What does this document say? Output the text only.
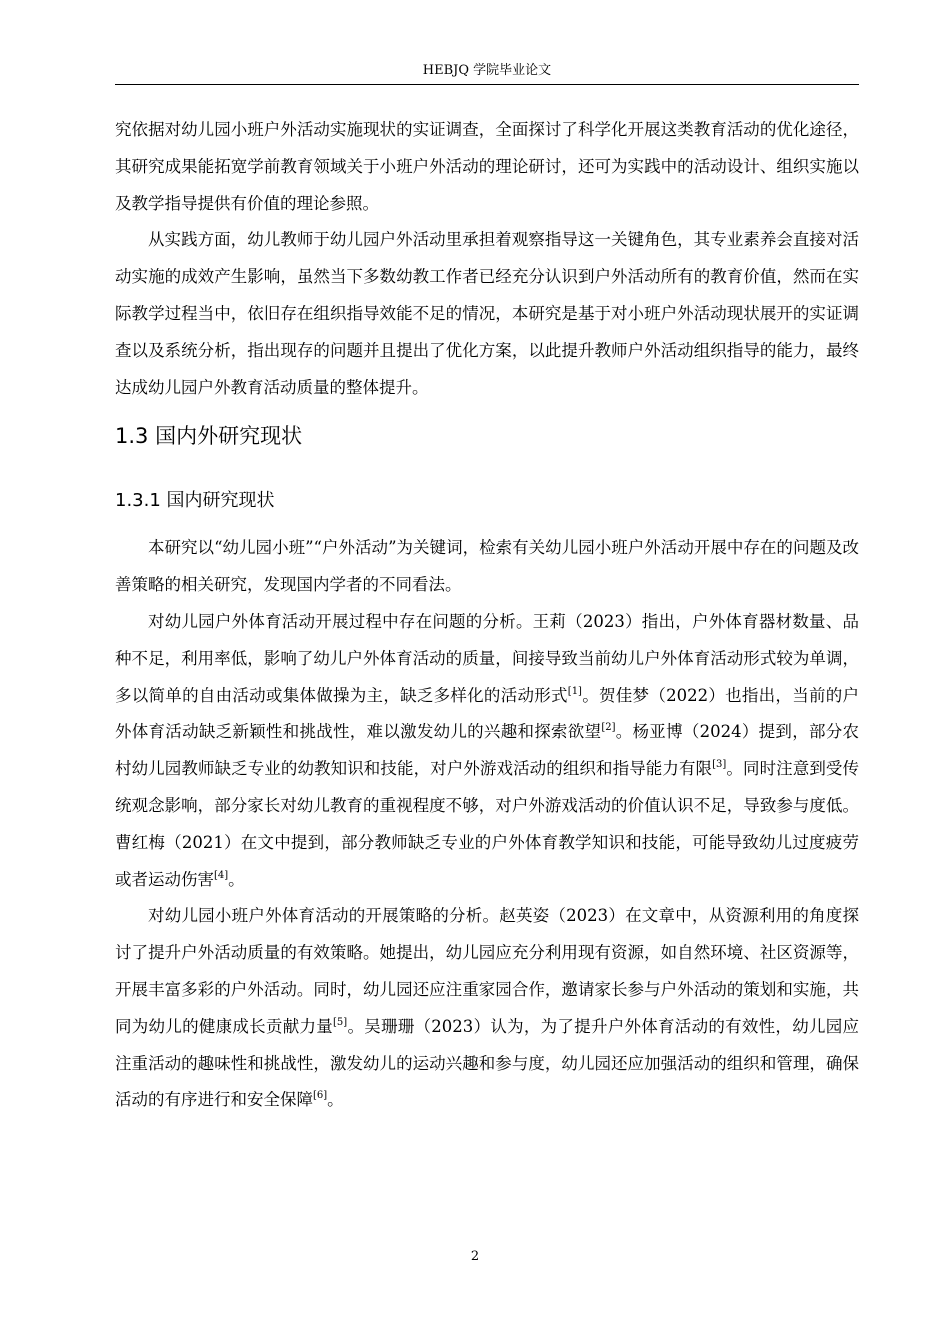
HEBJQ 学院毕业论文

究依据对幼儿园小班户外活动实施现状的实证调查，全面探讨了科学化开展这类教育活动的优化途径，其研究成果能拓宽学前教育领域关于小班户外活动的理论研讨，还可为实践中的活动设计、组织实施以及教学指导提供有价值的理论参照。

从实践方面，幼儿教师于幼儿园户外活动里承担着观察指导这一关键角色，其专业素养会直接对活动实施的成效产生影响，虽然当下多数幼教工作者已经充分认识到户外活动所有的教育价值，然而在实际教学过程当中，依旧存在组织指导效能不足的情况，本研究是基于对小班户外活动现状展开的实证调查以及系统分析，指出现存的问题并且提出了优化方案，以此提升教师户外活动组织指导的能力，最终达成幼儿园户外教育活动质量的整体提升。

1.3 国内外研究现状
1.3.1 国内研究现状

本研究以“幼儿园小班”“户外活动”为关键词，检索有关幼儿园小班户外活动开展中存在的问题及改善策略的相关研究，发现国内学者的不同看法。

对幼儿园户外体育活动开展过程中存在问题的分析。王莉（2023）指出，户外体育器材数量、品种不足，利用率低，影响了幼儿户外体育活动的质量，间接导致当前幼儿户外体育活动形式较为单调，多以简单的自由活动或集体做操为主，缺乏多样化的活动形式[1]。贺佳梦（2022）也指出，当前的户外体育活动缺乏新颖性和挑战性，难以激发幼儿的兴趣和探索欲望[2]。杨亚博（2024）提到，部分农村幼儿园教师缺乏专业的幼教知识和技能，对户外游戏活动的组织和指导能力有限[3]。同时注意到受传统观念影响，部分家长对幼儿教育的重视程度不够，对户外游戏活动的价值认识不足，导致参与度低。曹红梅（2021）在文中提到，部分教师缺乏专业的户外体育教学知识和技能，可能导致幼儿过度疲劳或者运动伤害[4]。

对幼儿园小班户外体育活动的开展策略的分析。赵英姿（2023）在文章中，从资源利用的角度探讨了提升户外活动质量的有效策略。她提出，幼儿园应充分利用现有资源，如自然环境、社区资源等，开展丰富多彩的户外活动。同时，幼儿园还应注重家园合作，邀请家长参与户外活动的策划和实施，共同为幼儿的健康成长贡献力量[5]。吴珊珊（2023）认为，为了提升户外体育活动的有效性，幼儿园应注重活动的趣味性和挑战性，激发幼儿的运动兴趣和参与度，幼儿园还应加强活动的组织和管理，确保活动的有序进行和安全保障[6]。

2
